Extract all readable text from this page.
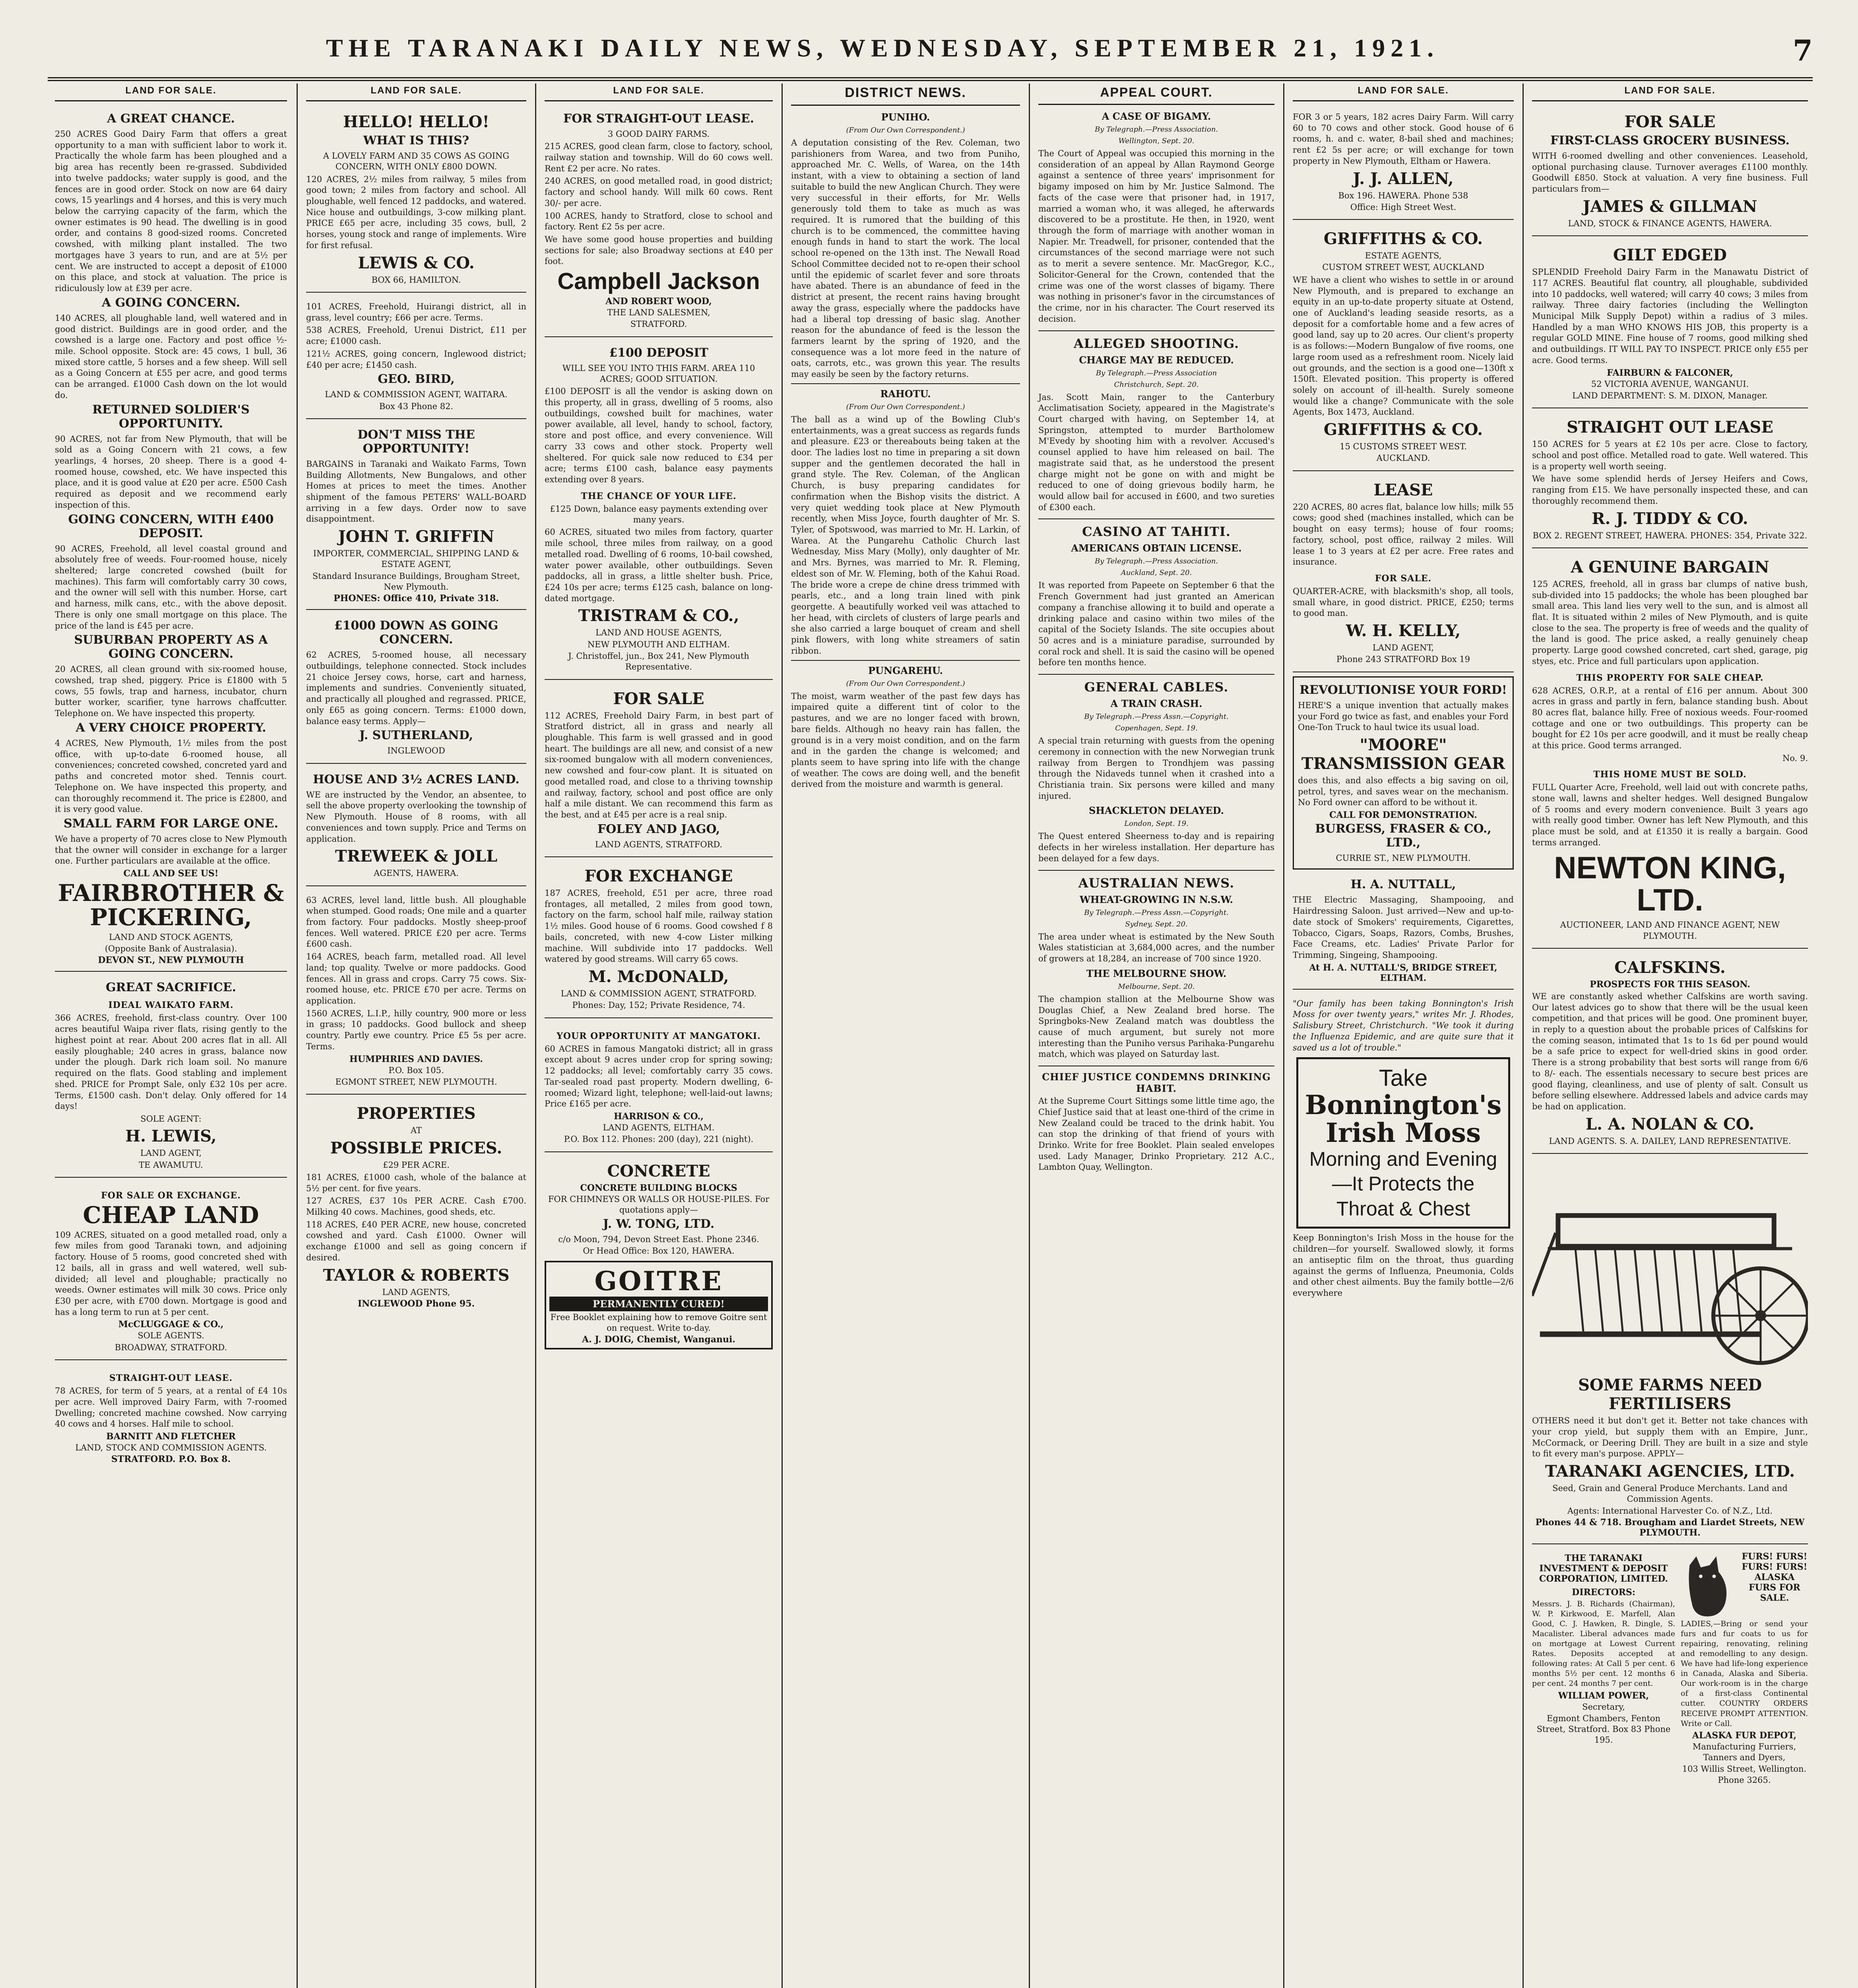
THE TARANAKI DAILY NEWS, WEDNESDAY, SEPTEMBER 21, 1921.	7
LAND FOR SALE.
A GREAT CHANCE.
250 ACRES Good Dairy Farm that offers a great opportunity to a man with sufficient labor to work it. Practically the whole farm has been ploughed and a big area has recently been re-grassed. Subdivided into twelve paddocks; water supply is good, and the fences are in good order. Stock on now are 64 dairy cows, 15 yearlings and 4 horses, and this is very much below the carrying capacity of the farm, which the owner estimates is 90 head. The dwelling is in good order, and contains 8 good-sized rooms. Concreted cowshed, with milking plant installed. The two mortgages have 3 years to run, and are at 5½ per cent. We are instructed to accept a deposit of £1000 on this place, and stock at valuation. The price is ridiculously low at £39 per acre.
A GOING CONCERN.
140 ACRES, all ploughable land, well watered and in good district. Buildings are in good order, and the cowshed is a large one. Factory and post office ½-mile. School opposite. Stock are: 45 cows, 1 bull, 36 mixed store cattle, 5 horses and a few sheep. Will sell as a Going Concern at £55 per acre, and good terms can be arranged. £1000 Cash down on the lot would do.
RETURNED SOLDIER'S OPPORTUNITY.
90 ACRES, not far from New Plymouth, that will be sold as a Going Concern with 21 cows, a few yearlings, 4 horses, 20 sheep. There is a good 4-roomed house, cowshed, etc. We have inspected this place, and it is good value at £20 per acre. £500 Cash required as deposit and we recommend early inspection of this.
GOING CONCERN, WITH £400 DEPOSIT.
90 ACRES, Freehold, all level coastal ground and absolutely free of weeds. Four-roomed house, nicely sheltered; large concreted cowshed (built for machines). This farm will comfortably carry 30 cows, and the owner will sell with this number. Horse, cart and harness, milk cans, etc., with the above deposit. There is only one small mortgage on this place. The price of the land is £45 per acre.
SUBURBAN PROPERTY AS A GOING CONCERN.
20 ACRES, all clean ground with six-roomed house, cowshed, trap shed, piggery. Price is £1800 with 5 cows, 55 fowls, trap and harness, incubator, churn butter worker, scarifier, tyne harrows chaffcutter. Telephone on. We have inspected this property.
A VERY CHOICE PROPERTY.
4 ACRES, New Plymouth, 1½ miles from the post office, with up-to-date 6-roomed house, all conveniences; concreted cowshed, concreted yard and paths and concreted motor shed. Tennis court. Telephone on. We have inspected this property, and can thoroughly recommend it. The price is £2800, and it is very good value.
SMALL FARM FOR LARGE ONE.
We have a property of 70 acres close to New Plymouth that the owner will consider in exchange for a larger one. Further particulars are available at the office.
CALL AND SEE US!
FAIRBROTHER & PICKERING,
LAND AND STOCK AGENTS,
(Opposite Bank of Australasia).
DEVON ST., NEW PLYMOUTH
GREAT SACRIFICE.
IDEAL WAIKATO FARM.
366 ACRES, freehold, first-class country. Over 100 acres beautiful Waipa river flats, rising gently to the highest point at rear. About 200 acres flat in all. All easily ploughable; 240 acres in grass, balance now under the plough. Dark rich loam soil. No manure required on the flats. Good stabling and implement shed. PRICE for Prompt Sale, only £32 10s per acre. Terms, £1500 cash. Don't delay. Only offered for 14 days!
SOLE AGENT:
H. LEWIS,
LAND AGENT,
TE AWAMUTU.
FOR SALE OR EXCHANGE.
CHEAP LAND
109 ACRES, situated on a good metalled road, only a few miles from good Taranaki town, and adjoining factory. House of 5 rooms, good concreted shed with 12 bails, all in grass and well watered, well sub-divided; all level and ploughable; practically no weeds. Owner estimates will milk 30 cows. Price only £30 per acre, with £700 down. Mortgage is good and has a long term to run at 5 per cent.
McCLUGGAGE & CO.,
SOLE AGENTS.
BROADWAY, STRATFORD.
STRAIGHT-OUT LEASE.
78 ACRES, for term of 5 years, at a rental of £4 10s per acre. Well improved Dairy Farm, with 7-roomed Dwelling; concreted machine cowshed. Now carrying 40 cows and 4 horses. Half mile to school.
BARNITT AND FLETCHER
LAND, STOCK AND COMMISSION AGENTS.
STRATFORD. P.O. Box 8.
LAND FOR SALE.
HELLO! HELLO!
WHAT IS THIS?
A LOVELY FARM AND 35 COWS AS GOING CONCERN, WITH ONLY £800 DOWN.
120 ACRES, 2½ miles from railway, 5 miles from good town; 2 miles from factory and school. All ploughable, well fenced 12 paddocks, and watered. Nice house and outbuildings, 3-cow milking plant. PRICE £65 per acre, including 35 cows, bull, 2 horses, young stock and range of implements. Wire for first refusal.
LEWIS & CO.
BOX 66, HAMILTON.
101 ACRES, Freehold, Huirangi district, all in grass, level country; £66 per acre. Terms.
538 ACRES, Freehold, Urenui District, £11 per acre; £1000 cash.
121½ ACRES, going concern, Inglewood district; £40 per acre; £1450 cash.
GEO. BIRD,
LAND & COMMISSION AGENT, WAITARA.
Box 43 Phone 82.
DON'T MISS THE OPPORTUNITY!
BARGAINS in Taranaki and Waikato Farms, Town Building Allotments, New Bungalows, and other Homes at prices to meet the times. Another shipment of the famous PETERS' WALL-BOARD arriving in a few days. Order now to save disappointment.
JOHN T. GRIFFIN
IMPORTER, COMMERCIAL, SHIPPING LAND & ESTATE AGENT,
Standard Insurance Buildings, Brougham Street, New Plymouth.
PHONES: Office 410, Private 318.
£1000 DOWN AS GOING CONCERN.
62 ACRES, 5-roomed house, all necessary outbuildings, telephone connected. Stock includes 21 choice Jersey cows, horse, cart and harness, implements and sundries. Conveniently situated, and practically all ploughed and regrassed. PRICE, only £65 as going concern. Terms: £1000 down, balance easy terms. Apply—
J. SUTHERLAND,
INGLEWOOD
HOUSE AND 3½ ACRES LAND.
WE are instructed by the Vendor, an absentee, to sell the above property overlooking the township of New Plymouth. House of 8 rooms, with all conveniences and town supply. Price and Terms on application.
TREWEEK & JOLL
AGENTS, HAWERA.
63 ACRES, level land, little bush. All ploughable when stumped. Good roads; One mile and a quarter from factory. Four paddocks. Mostly sheep-proof fences. Well watered. PRICE £20 per acre. Terms £600 cash.
164 ACRES, beach farm, metalled road. All level land; top quality. Twelve or more paddocks. Good fences. All in grass and crops. Carry 75 cows. Six-roomed house, etc. PRICE £70 per acre. Terms on application.
1560 ACRES, L.I.P., hilly country, 900 more or less in grass; 10 paddocks. Good bullock and sheep country. Partly ewe country. Price £5 5s per acre. Terms.
HUMPHRIES AND DAVIES.
P.O. Box 105.
EGMONT STREET, NEW PLYMOUTH.
PROPERTIES
AT
POSSIBLE PRICES.
£29 PER ACRE.
181 ACRES, £1000 cash, whole of the balance at 5½ per cent. for five years.
127 ACRES, £37 10s PER ACRE. Cash £700. Milking 40 cows. Machines, good sheds, etc.
118 ACRES, £40 PER ACRE, new house, concreted cowshed and yard. Cash £1000. Owner will exchange £1000 and sell as going concern if desired.
TAYLOR & ROBERTS
LAND AGENTS,
INGLEWOOD Phone 95.
LAND FOR SALE.
FOR STRAIGHT-OUT LEASE.
3 GOOD DAIRY FARMS.
215 ACRES, good clean farm, close to factory, school, railway station and township. Will do 60 cows well. Rent £2 per acre. No rates.
240 ACRES, on good metalled road, in good district; factory and school handy. Will milk 60 cows. Rent 30/- per acre.
100 ACRES, handy to Stratford, close to school and factory. Rent £2 5s per acre.
We have some good house properties and building sections for sale; also Broadway sections at £40 per foot.
Campbell Jackson
AND ROBERT WOOD,
THE LAND SALESMEN,
STRATFORD.
£100 DEPOSIT
WILL SEE YOU INTO THIS FARM. AREA 110 ACRES; GOOD SITUATION.
£100 DEPOSIT is all the vendor is asking down on this property, all in grass, dwelling of 5 rooms, also outbuildings, cowshed built for machines, water power available, all level, handy to school, factory, store and post office, and every convenience. Will carry 33 cows and other stock. Property well sheltered. For quick sale now reduced to £34 per acre; terms £100 cash, balance easy payments extending over 8 years.
THE CHANCE OF YOUR LIFE.
£125 Down, balance easy payments extending over many years.
60 ACRES, situated two miles from factory, quarter mile school, three miles from railway, on a good metalled road. Dwelling of 6 rooms, 10-bail cowshed, water power available, other outbuildings. Seven paddocks, all in grass, a little shelter bush. Price, £24 10s per acre; terms £125 cash, balance on long-dated mortgage.
TRISTRAM & CO.,
LAND AND HOUSE AGENTS,
NEW PLYMOUTH AND ELTHAM.
J. Christoffel, jun., Box 241, New Plymouth Representative.
FOR SALE
112 ACRES, Freehold Dairy Farm, in best part of Stratford district, all in grass and nearly all ploughable. This farm is well grassed and in good heart. The buildings are all new, and consist of a new six-roomed bungalow with all modern conveniences, new cowshed and four-cow plant. It is situated on good metalled road, and close to a thriving township and railway, factory, school and post office are only half a mile distant. We can recommend this farm as the best, and at £45 per acre is a real snip.
FOLEY AND JAGO,
LAND AGENTS, STRATFORD.
FOR EXCHANGE
187 ACRES, freehold, £51 per acre, three road frontages, all metalled, 2 miles from good town, factory on the farm, school half mile, railway station 1½ miles. Good house of 6 rooms. Good cowshed f 8 bails, concreted, with new 4-cow Lister milking machine. Will subdivide into 17 paddocks. Well watered by good streams. Will carry 65 cows.
M. McDONALD,
LAND & COMMISSION AGENT, STRATFORD.
Phones: Day, 152; Private Residence, 74.
YOUR OPPORTUNITY AT MANGATOKI.
60 ACRES in famous Mangatoki district; all in grass except about 9 acres under crop for spring sowing; 12 paddocks; all level; comfortably carry 35 cows. Tar-sealed road past property. Modern dwelling, 6-roomed; Wizard light, telephone; well-laid-out lawns; Price £165 per acre.
HARRISON & CO.,
LAND AGENTS, ELTHAM.
P.O. Box 112. Phones: 200 (day), 221 (night).
CONCRETE
CONCRETE BUILDING BLOCKS
FOR CHIMNEYS OR WALLS OR HOUSE-PILES. For quotations apply—
J. W. TONG, LTD.
c/o Moon, 794, Devon Street East. Phone 2346.
Or Head Office: Box 120, HAWERA.
GOITRE
PERMANENTLY CURED!
Free Booklet explaining how to remove Goitre sent on request. Write to-day.
A. J. DOIG, Chemist, Wanganui.
DISTRICT NEWS.
PUNIHO.
(From Our Own Correspondent.)
A deputation consisting of the Rev. Coleman, two parishioners from Warea, and two from Puniho, approached Mr. C. Wells, of Warea, on the 14th instant, with a view to obtaining a section of land suitable to build the new Anglican Church. They were very successful in their efforts, for Mr. Wells generously told them to take as much as was required. It is rumored that the building of this church is to be commenced, the committee having enough funds in hand to start the work. The local school re-opened on the 13th inst. The Newall Road School Committee decided not to re-open their school until the epidemic of scarlet fever and sore throats have abated. There is an abundance of feed in the district at present, the recent rains having brought away the grass, especially where the paddocks have had a liberal top dressing of basic slag. Another reason for the abundance of feed is the lesson the farmers learnt by the spring of 1920, and the consequence was a lot more feed in the nature of oats, carrots, etc., was grown this year. The results may easily be seen by the factory returns.
RAHOTU.
(From Our Own Correspondent.)
The ball as a wind up of the Bowling Club's entertainments, was a great success as regards funds and pleasure. £23 or thereabouts being taken at the door. The ladies lost no time in preparing a sit down supper and the gentlemen decorated the hall in grand style. The Rev. Coleman, of the Anglican Church, is busy preparing candidates for confirmation when the Bishop visits the district. A very quiet wedding took place at New Plymouth recently, when Miss Joyce, fourth daughter of Mr. S. Tyler, of Spotswood, was married to Mr. H. Larkin, of Warea. At the Pungarehu Catholic Church last Wednesday, Miss Mary (Molly), only daughter of Mr. and Mrs. Byrnes, was married to Mr. R. Fleming, eldest son of Mr. W. Fleming, both of the Kahui Road. The bride wore a crepe de chine dress trimmed with pearls, etc., and a long train lined with pink georgette. A beautifully worked veil was attached to her head, with circlets of clusters of large pearls and she also carried a large bouquet of cream and shell pink flowers, with long white streamers of satin ribbon.
PUNGAREHU.
(From Our Own Correspondent.)
The moist, warm weather of the past few days has impaired quite a different tint of color to the pastures, and we are no longer faced with brown, bare fields. Although no heavy rain has fallen, the ground is in a very moist condition, and on the farm and in the garden the change is welcomed; and plants seem to have spring into life with the change of weather. The cows are doing well, and the benefit derived from the moisture and warmth is general.
APPEAL COURT.
A CASE OF BIGAMY.
By Telegraph.—Press Association.
Wellington, Sept. 20.
The Court of Appeal was occupied this morning in the consideration of an appeal by Allan Raymond George against a sentence of three years' imprisonment for bigamy imposed on him by Mr. Justice Salmond. The facts of the case were that prisoner had, in 1917, married a woman who, it was alleged, he afterwards discovered to be a prostitute. He then, in 1920, went through the form of marriage with another woman in Napier. Mr. Treadwell, for prisoner, contended that the circumstances of the second marriage were not such as to merit a severe sentence. Mr. MacGregor, K.C., Solicitor-General for the Crown, contended that the crime was one of the worst classes of bigamy. There was nothing in prisoner's favor in the circumstances of the crime, nor in his character. The Court reserved its decision.
ALLEGED SHOOTING.
CHARGE MAY BE REDUCED.
By Telegraph.—Press Association
Christchurch, Sept. 20.
Jas. Scott Main, ranger to the Canterbury Acclimatisation Society, appeared in the Magistrate's Court charged with having, on September 14, at Springston, attempted to murder Bartholomew M'Evedy by shooting him with a revolver. Accused's counsel applied to have him released on bail. The magistrate said that, as he understood the present charge might not be gone on with and might be reduced to one of doing grievous bodily harm, he would allow bail for accused in £600, and two sureties of £300 each.
CASINO AT TAHITI.
AMERICANS OBTAIN LICENSE.
By Telegraph.—Press Association.
Auckland, Sept. 20.
It was reported from Papeete on September 6 that the French Government had just granted an American company a franchise allowing it to build and operate a drinking palace and casino within two miles of the capital of the Society Islands. The site occupies about 50 acres and is a miniature paradise, surrounded by coral rock and shell. It is said the casino will be opened before ten months hence.
GENERAL CABLES.
A TRAIN CRASH.
By Telegraph.—Press Assn.—Copyright.
Copenhagen, Sept. 19.
A special train returning with guests from the opening ceremony in connection with the new Norwegian trunk railway from Bergen to Trondhjem was passing through the Nidaveds tunnel when it crashed into a Christiania train. Six persons were killed and many injured.
SHACKLETON DELAYED.
London, Sept. 19.
The Quest entered Sheerness to-day and is repairing defects in her wireless installation. Her departure has been delayed for a few days.
AUSTRALIAN NEWS.
WHEAT-GROWING IN N.S.W.
By Telegraph.—Press Assn.—Copyright.
Sydney, Sept. 20.
The area under wheat is estimated by the New South Wales statistician at 3,684,000 acres, and the number of growers at 18,284, an increase of 700 since 1920.
THE MELBOURNE SHOW.
Melbourne, Sept. 20.
The champion stallion at the Melbourne Show was Douglas Chief, a New Zealand bred horse. The Springboks-New Zealand match was doubtless the cause of much argument, but surely not more interesting than the Puniho versus Parihaka-Pungarehu match, which was played on Saturday last.
CHIEF JUSTICE CONDEMNS DRINKING HABIT.
At the Supreme Court Sittings some little time ago, the Chief Justice said that at least one-third of the crime in New Zealand could be traced to the drink habit. You can stop the drinking of that friend of yours with Drinko. Write for free Booklet. Plain sealed envelopes used. Lady Manager, Drinko Proprietary. 212 A.C., Lambton Quay, Wellington.
LAND FOR SALE.
FOR 3 or 5 years, 182 acres Dairy Farm. Will carry 60 to 70 cows and other stock. Good house of 6 rooms, h. and c. water, 8-bail shed and machines; rent £2 5s per acre; or will exchange for town property in New Plymouth, Eltham or Hawera.
J. J. ALLEN,
Box 196. HAWERA. Phone 538
Office: High Street West.
GRIFFITHS & CO.
ESTATE AGENTS,
CUSTOM STREET WEST, AUCKLAND
WE have a client who wishes to settle in or around New Plymouth, and is prepared to exchange an equity in an up-to-date property situate at Ostend, one of Auckland's leading seaside resorts, as a deposit for a comfortable home and a few acres of good land, say up to 20 acres. Our client's property is as follows:—Modern Bungalow of five rooms, one large room used as a refreshment room. Nicely laid out grounds, and the section is a good one—130ft x 150ft. Elevated position. This property is offered solely on account of ill-health. Surely someone would like a change? Communicate with the sole Agents, Box 1473, Auckland.
GRIFFITHS & CO.
15 CUSTOMS STREET WEST.
AUCKLAND.
LEASE
220 ACRES, 80 acres flat, balance low hills; milk 55 cows; good shed (machines installed, which can be bought on easy terms); house of four rooms; factory, school, post office, railway 2 miles. Will lease 1 to 3 years at £2 per acre. Free rates and insurance.
FOR SALE.
QUARTER-ACRE, with blacksmith's shop, all tools, small whare, in good district. PRICE, £250; terms to good man.
W. H. KELLY,
LAND AGENT,
Phone 243 STRATFORD Box 19
REVOLUTIONISE YOUR FORD!
HERE'S a unique invention that actually makes your Ford go twice as fast, and enables your Ford One-Ton Truck to haul twice its usual load.
"MOORE" TRANSMISSION GEAR
does this, and also effects a big saving on oil, petrol, tyres, and saves wear on the mechanism. No Ford owner can afford to be without it.
CALL FOR DEMONSTRATION.
BURGESS, FRASER & CO., LTD.,
CURRIE ST., NEW PLYMOUTH.
H. A. NUTTALL,
THE Electric Massaging, Shampooing, and Hairdressing Saloon. Just arrived—New and up-to-date stock of Smokers' requirements, Cigarettes, Tobacco, Cigars, Soaps, Razors, Combs, Brushes, Face Creams, etc. Ladies' Private Parlor for Trimming, Singeing, Shampooing.
At H. A. NUTTALL'S, BRIDGE STREET, ELTHAM.
"Our family has been taking Bonnington's Irish Moss for over twenty years," writes Mr. J. Rhodes, Salisbury Street, Christchurch. "We took it during the Influenza Epidemic, and are quite sure that it saved us a lot of trouble."
Take
Bonnington's Irish Moss
Morning and Evening—It Protects the Throat & Chest
Keep Bonnington's Irish Moss in the house for the children—for yourself. Swallowed slowly, it forms an antiseptic film on the throat, thus guarding against the germs of Influenza, Pneumonia, Colds and other chest ailments. Buy the family bottle—2/6 everywhere
LAND FOR SALE.
FOR SALE
FIRST-CLASS GROCERY BUSINESS.
WITH 6-roomed dwelling and other conveniences. Leasehold, optional purchasing clause. Turnover averages £1100 monthly. Goodwill £850. Stock at valuation. A very fine business. Full particulars from—
JAMES & GILLMAN
LAND, STOCK & FINANCE AGENTS, HAWERA.
GILT EDGED
SPLENDID Freehold Dairy Farm in the Manawatu District of 117 ACRES. Beautiful flat country, all ploughable, subdivided into 10 paddocks, well watered; will carry 40 cows; 3 miles from railway. Three dairy factories (including the Wellington Municipal Milk Supply Depot) within a radius of 3 miles. Handled by a man WHO KNOWS HIS JOB, this property is a regular GOLD MINE. Fine house of 7 rooms, good milking shed and outbuildings. IT WILL PAY TO INSPECT. PRICE only £55 per acre. Good terms.
FAIRBURN & FALCONER,
52 VICTORIA AVENUE, WANGANUI.
LAND DEPARTMENT: S. M. DIXON, Manager.
STRAIGHT OUT LEASE
150 ACRES for 5 years at £2 10s per acre. Close to factory, school and post office. Metalled road to gate. Well watered. This is a property well worth seeing.
We have some splendid herds of Jersey Heifers and Cows, ranging from £15. We have personally inspected these, and can thoroughly recommend them.
R. J. TIDDY & CO.
BOX 2. REGENT STREET, HAWERA. PHONES: 354, Private 322.
A GENUINE BARGAIN
125 ACRES, freehold, all in grass bar clumps of native bush, sub-divided into 15 paddocks; the whole has been ploughed bar small area. This land lies very well to the sun, and is almost all flat. It is situated within 2 miles of New Plymouth, and is quite close to the sea. The property is free of weeds and the quality of the land is good. The price asked, a really genuinely cheap property. Large good cowshed concreted, cart shed, garage, pig styes, etc. Price and full particulars upon application.
THIS PROPERTY FOR SALE CHEAP.
628 ACRES, O.R.P., at a rental of £16 per annum. About 300 acres in grass and partly in fern, balance standing bush. About 80 acres flat, balance hilly. Free of noxious weeds. Four-roomed cottage and one or two outbuildings. This property can be bought for £2 10s per acre goodwill, and it must be really cheap at this price. Good terms arranged.
No. 9.
THIS HOME MUST BE SOLD.
FULL Quarter Acre, Freehold, well laid out with concrete paths, stone wall, lawns and shelter hedges. Well designed Bungalow of 5 rooms and every modern convenience. Built 3 years ago with really good timber. Owner has left New Plymouth, and this place must be sold, and at £1350 it is really a bargain. Good terms arranged.
NEWTON KING, LTD.
AUCTIONEER, LAND AND FINANCE AGENT, NEW PLYMOUTH.
CALFSKINS.
PROSPECTS FOR THIS SEASON.
WE are constantly asked whether Calfskins are worth saving. Our latest advices go to show that there will be the usual keen competition, and that prices will be good. One prominent buyer, in reply to a question about the probable prices of Calfskins for the coming season, intimated that 1s to 1s 6d per pound would be a safe price to expect for well-dried skins in good order. There is a strong probability that best sorts will range from 6/6 to 8/- each. The essentials necessary to secure best prices are good flaying, cleanliness, and use of plenty of salt. Consult us before selling elsewhere. Addressed labels and advice cards may be had on application.
L. A. NOLAN & CO.
LAND AGENTS. S. A. DAILEY, LAND REPRESENTATIVE.
SOME FARMS NEED FERTILISERS
OTHERS need it but don't get it. Better not take chances with your crop yield, but supply them with an Empire, Junr., McCormack, or Deering Drill. They are built in a size and style to fit every man's purpose. APPLY—
TARANAKI AGENCIES, LTD.
Seed, Grain and General Produce Merchants. Land and Commission Agents.
Agents: International Harvester Co. of N.Z., Ltd.
Phones 44 & 718. Brougham and Liardet Streets, NEW PLYMOUTH.
THE TARANAKI INVESTMENT & DEPOSIT CORPORATION, LIMITED.
DIRECTORS:
Messrs. J. B. Richards (Chairman), W. P. Kirkwood, E. Marfell, Alan Good, C. J. Hawken, R. Dingle, S. Macalister. Liberal advances made on mortgage at Lowest Current Rates. Deposits accepted at following rates: At Call 5 per cent. 6 months 5½ per cent. 12 months 6 per cent. 24 months 7 per cent.
WILLIAM POWER,
Secretary,
Egmont Chambers, Fenton Street, Stratford. Box 83 Phone 195.
FURS! FURS! FURS! FURS!
ALASKA FURS FOR SALE.
LADIES,—Bring or send your furs and fur coats to us for repairing, renovating, relining and remodelling to any design. We have had life-long experience in Canada, Alaska and Siberia. Our work-room is in the charge of a first-class Continental cutter. COUNTRY ORDERS RECEIVE PROMPT ATTENTION. Write or Call.
ALASKA FUR DEPOT,
Manufacturing Furriers, Tanners and Dyers,
103 Willis Street, Wellington. Phone 3265.
